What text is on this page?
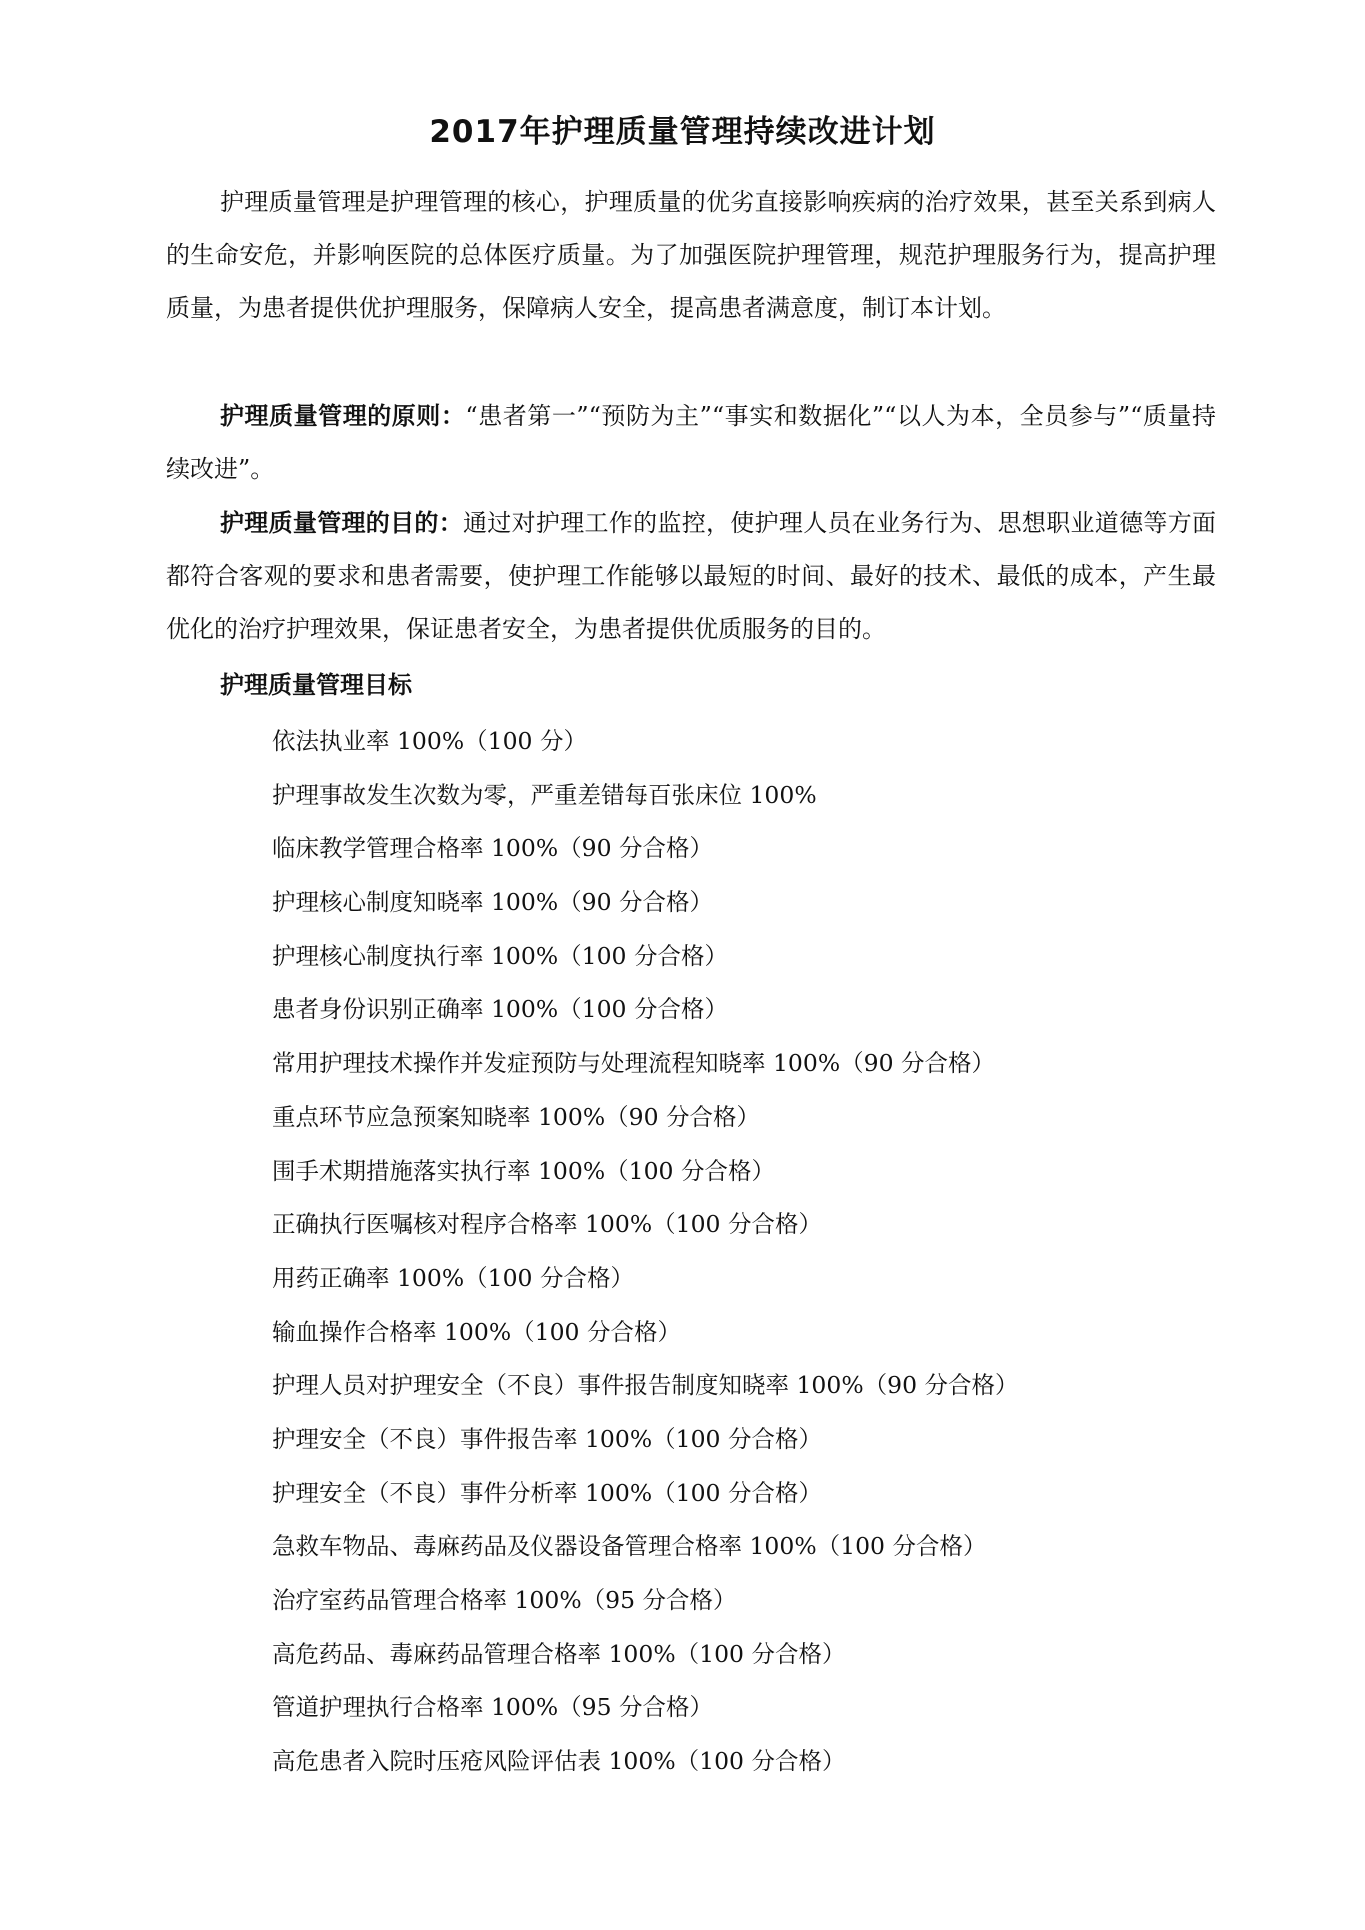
2017年护理质量管理持续改进计划

护理质量管理是护理管理的核心，护理质量的优劣直接影响疾病的治疗效果，甚至关系到病人的生命安危，并影响医院的总体医疗质量。为了加强医院护理管理，规范护理服务行为，提高护理质量，为患者提供优护理服务，保障病人安全，提高患者满意度，制订本计划。

护理质量管理的原则：“患者第一”“预防为主”“事实和数据化”“以人为本，全员参与”“质量持续改进”。

护理质量管理的目的：通过对护理工作的监控，使护理人员在业务行为、思想职业道德等方面都符合客观的要求和患者需要，使护理工作能够以最短的时间、最好的技术、最低的成本，产生最优化的治疗护理效果，保证患者安全，为患者提供优质服务的目的。

护理质量管理目标
依法执业率 100%（100 分）
护理事故发生次数为零，严重差错每百张床位 100%
临床教学管理合格率 100%（90 分合格）
护理核心制度知晓率 100%（90 分合格）
护理核心制度执行率 100%（100 分合格）
患者身份识别正确率 100%（100 分合格）
常用护理技术操作并发症预防与处理流程知晓率 100%（90 分合格）
重点环节应急预案知晓率 100%（90 分合格）
围手术期措施落实执行率 100%（100 分合格）
正确执行医嘱核对程序合格率 100%（100 分合格）
用药正确率 100%（100 分合格）
输血操作合格率 100%（100 分合格）
护理人员对护理安全（不良）事件报告制度知晓率 100%（90 分合格）
护理安全（不良）事件报告率 100%（100 分合格）
护理安全（不良）事件分析率 100%（100 分合格）
急救车物品、毒麻药品及仪器设备管理合格率 100%（100 分合格）
治疗室药品管理合格率 100%（95 分合格）
高危药品、毒麻药品管理合格率 100%（100 分合格）
管道护理执行合格率 100%（95 分合格）
高危患者入院时压疮风险评估表 100%（100 分合格）
